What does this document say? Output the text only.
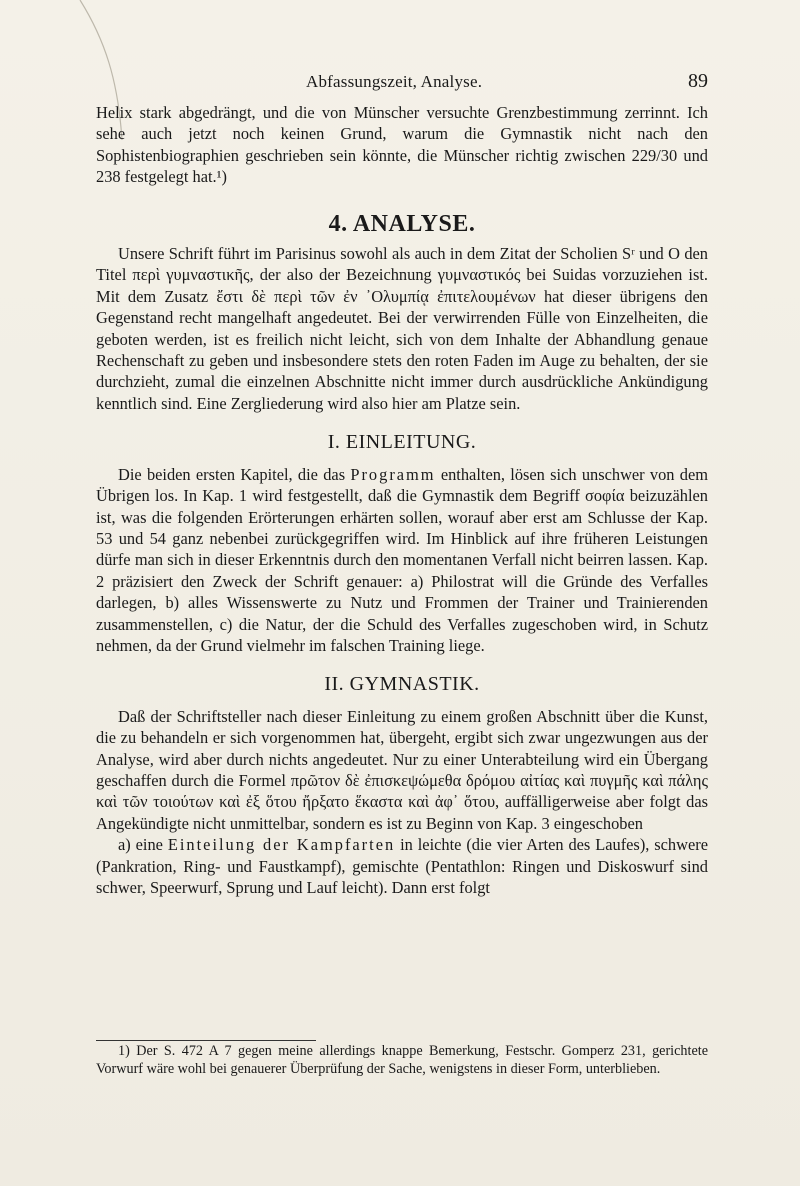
Abfassungszeit, Analyse.	89

Helix stark abgedrängt, und die von Münscher versuchte Grenzbestimmung zerrinnt. Ich sehe auch jetzt noch keinen Grund, warum die Gymnastik nicht nach den Sophistenbiographien geschrieben sein könnte, die Münscher richtig zwischen 229/30 und 238 festgelegt hat.¹)

4. ANALYSE.

Unsere Schrift führt im Parisinus sowohl als auch in dem Zitat der Scholien Sʳ und O den Titel περὶ γυμναστικῆς, der also der Bezeichnung γυμναστικός bei Suidas vorzuziehen ist. Mit dem Zusatz ἔστι δὲ περὶ τῶν ἐν ᾿Ολυμπίᾳ ἐπιτελουμένων hat dieser übrigens den Gegenstand recht mangelhaft angedeutet. Bei der verwirrenden Fülle von Einzelheiten, die geboten werden, ist es freilich nicht leicht, sich von dem Inhalte der Abhandlung genaue Rechenschaft zu geben und insbesondere stets den roten Faden im Auge zu behalten, der sie durchzieht, zumal die einzelnen Abschnitte nicht immer durch ausdrückliche Ankündigung kenntlich sind. Eine Zergliederung wird also hier am Platze sein.

I. EINLEITUNG.

Die beiden ersten Kapitel, die das Programm enthalten, lösen sich unschwer von dem Übrigen los. In Kap. 1 wird festgestellt, daß die Gymnastik dem Begriff σοφία beizuzählen ist, was die folgenden Erörterungen erhärten sollen, worauf aber erst am Schlusse der Kap. 53 und 54 ganz nebenbei zurückgegriffen wird. Im Hinblick auf ihre früheren Leistungen dürfe man sich in dieser Erkenntnis durch den momentanen Verfall nicht beirren lassen. Kap. 2 präzisiert den Zweck der Schrift genauer: a) Philostrat will die Gründe des Verfalles darlegen, b) alles Wissenswerte zu Nutz und Frommen der Trainer und Trainierenden zusammenstellen, c) die Natur, der die Schuld des Verfalles zugeschoben wird, in Schutz nehmen, da der Grund vielmehr im falschen Training liege.

II. GYMNASTIK.

Daß der Schriftsteller nach dieser Einleitung zu einem großen Abschnitt über die Kunst, die zu behandeln er sich vorgenommen hat, übergeht, ergibt sich zwar ungezwungen aus der Analyse, wird aber durch nichts angedeutet. Nur zu einer Unterabteilung wird ein Übergang geschaffen durch die Formel πρῶτον δὲ ἐπισκεψώμεθα δρόμου αἰτίας καὶ πυγμῆς καὶ πάλης καὶ τῶν τοιούτων καὶ ἐξ ὅτου ἤρξατο ἕκαστα καὶ ἀφ᾿ ὅτου, auffälligerweise aber folgt das Angekündigte nicht unmittelbar, sondern es ist zu Beginn von Kap. 3 eingeschoben

a) eine Einteilung der Kampfarten in leichte (die vier Arten des Laufes), schwere (Pankration, Ring- und Faustkampf), gemischte (Pentathlon: Ringen und Diskoswurf sind schwer, Speerwurf, Sprung und Lauf leicht). Dann erst folgt

1) Der S. 472 A 7 gegen meine allerdings knappe Bemerkung, Festschr. Gomperz 231, gerichtete Vorwurf wäre wohl bei genauerer Überprüfung der Sache, wenigstens in dieser Form, unterblieben.
